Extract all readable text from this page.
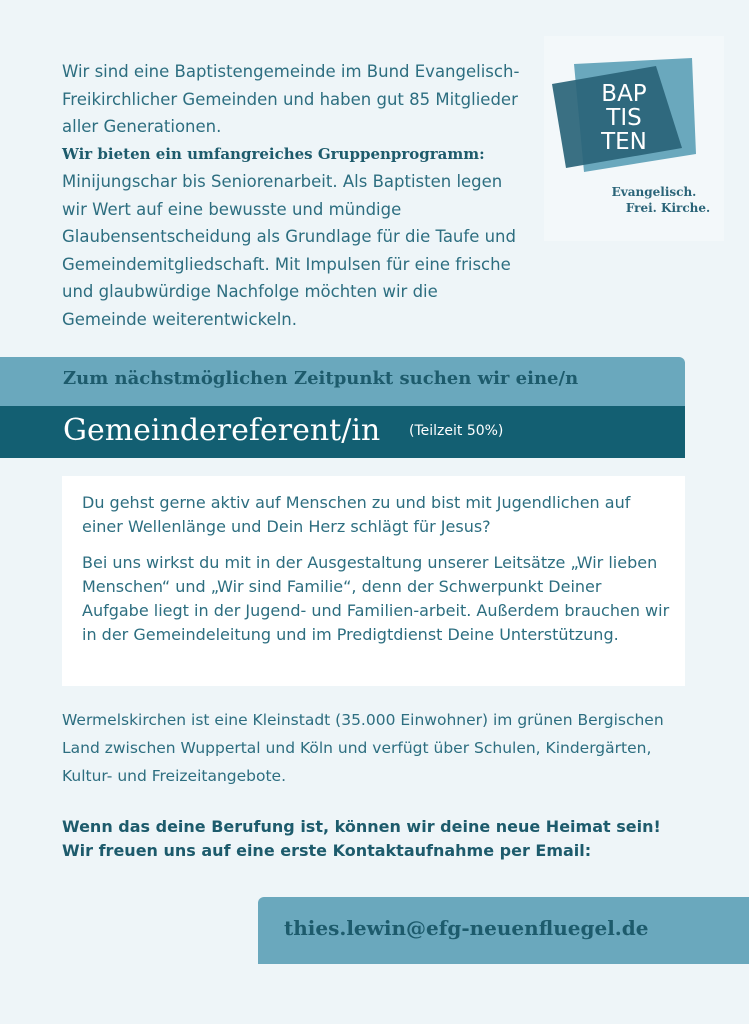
Wir sind eine Baptistengemeinde im Bund Evangelisch-Freikirchlicher Gemeinden und haben gut 85 Mitglieder aller Generationen.

Wir bieten ein umfangreiches Gruppenprogramm:

Minijungschar bis Seniorenarbeit. Als Baptisten legen wir Wert auf eine bewusste und mündige Glaubensentscheidung als Grundlage für die Taufe und Gemeindemitgliedschaft. Mit Impulsen für eine frische und glaubwürdige Nachfolge möchten wir die Gemeinde weiterentwickeln.

BAP
TIS
TEN
Evangelisch.
Frei. Kirche.
Zum nächstmöglichen Zeitpunkt suchen wir eine/n
Gemeindereferent/in (Teilzeit 50%)

Du gehst gerne aktiv auf Menschen zu und bist mit Jugendlichen auf einer Wellenlänge und Dein Herz schlägt für Jesus?

Bei uns wirkst du mit in der Ausgestaltung unserer Leitsätze „Wir lieben Menschen“ und „Wir sind Familie“, denn der Schwerpunkt Deiner Aufgabe liegt in der Jugend- und Familien-arbeit. Außerdem brauchen wir in der Gemeindeleitung und im Predigtdienst Deine Unterstützung.

Wermelskirchen ist eine Kleinstadt (35.000 Einwohner) im grünen Bergischen Land zwischen Wuppertal und Köln und verfügt über Schulen, Kindergärten, Kultur- und Freizeitangebote.

Wenn das deine Berufung ist, können wir deine neue Heimat sein!
Wir freuen uns auf eine erste Kontaktaufnahme per Email:
thies.lewin@efg-neuenfluegel.de
